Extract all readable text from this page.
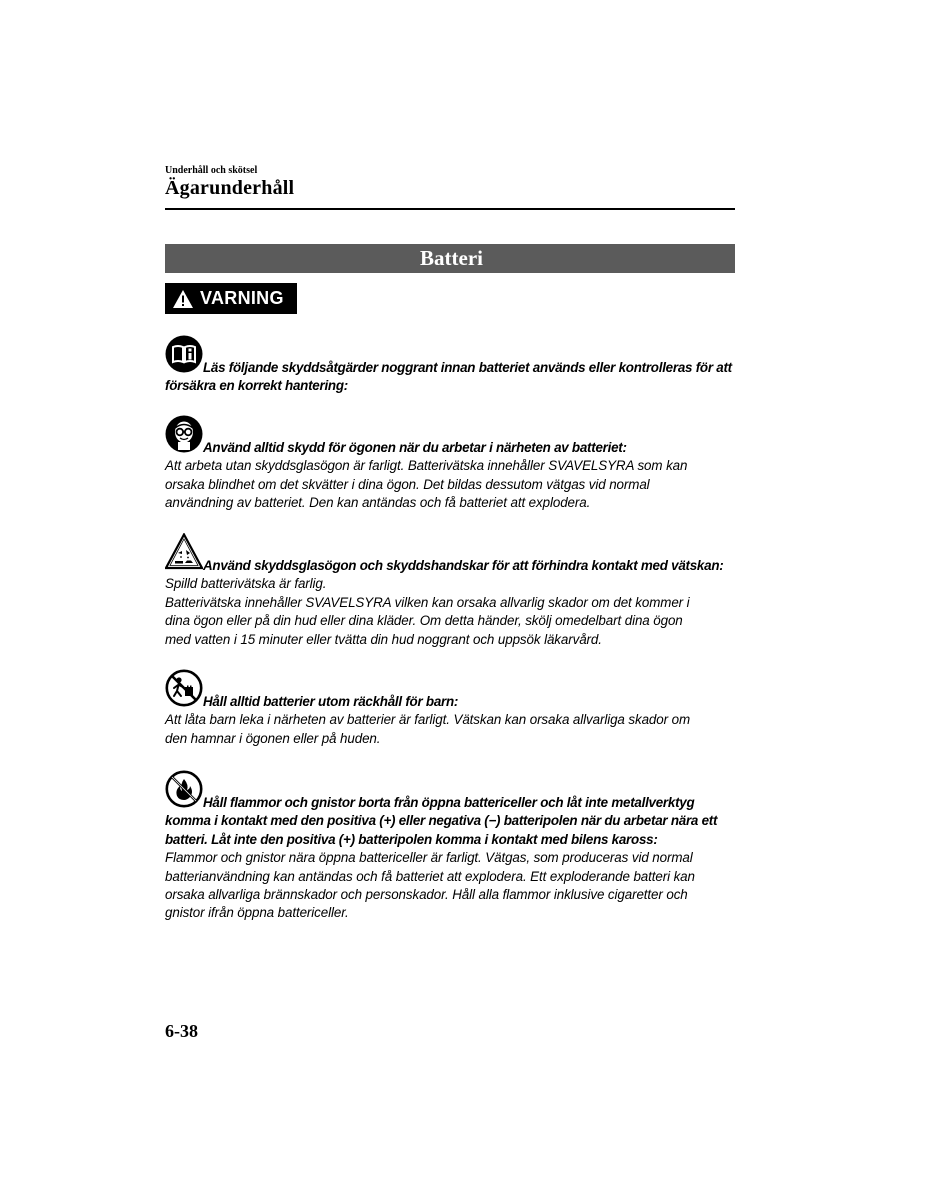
Underhåll och skötsel
Ägarunderhåll
Batteri
VARNING
Läs följande skyddsåtgärder noggrant innan batteriet används eller kontrolleras för att
försäkra en korrekt hantering:
Använd alltid skydd för ögonen när du arbetar i närheten av batteriet:
Att arbeta utan skyddsglasögon är farligt. Batterivätska innehåller SVAVELSYRA som kan
orsaka blindhet om det skvätter i dina ögon. Det bildas dessutom vätgas vid normal
användning av batteriet. Den kan antändas och få batteriet att explodera.
Använd skyddsglasögon och skyddshandskar för att förhindra kontakt med vätskan:
Spilld batterivätska är farlig.
Batterivätska innehåller SVAVELSYRA vilken kan orsaka allvarlig skador om det kommer i
dina ögon eller på din hud eller dina kläder. Om detta händer, skölj omedelbart dina ögon
med vatten i 15 minuter eller tvätta din hud noggrant och uppsök läkarvård.
Håll alltid batterier utom räckhåll för barn:
Att låta barn leka i närheten av batterier är farligt. Vätskan kan orsaka allvarliga skador om
den hamnar i ögonen eller på huden.
Håll flammor och gnistor borta från öppna battericeller och låt inte metallverktyg
komma i kontakt med den positiva (+) eller negativa (−) batteripolen när du arbetar nära ett batteri. Låt inte den positiva (+) batteripolen komma i kontakt med bilens kaross:
Flammor och gnistor nära öppna battericeller är farligt. Vätgas, som produceras vid normal
batterianvändning kan antändas och få batteriet att explodera. Ett exploderande batteri kan
orsaka allvarliga brännskador och personskador. Håll alla flammor inklusive cigaretter och
gnistor ifrån öppna battericeller.
6-38
